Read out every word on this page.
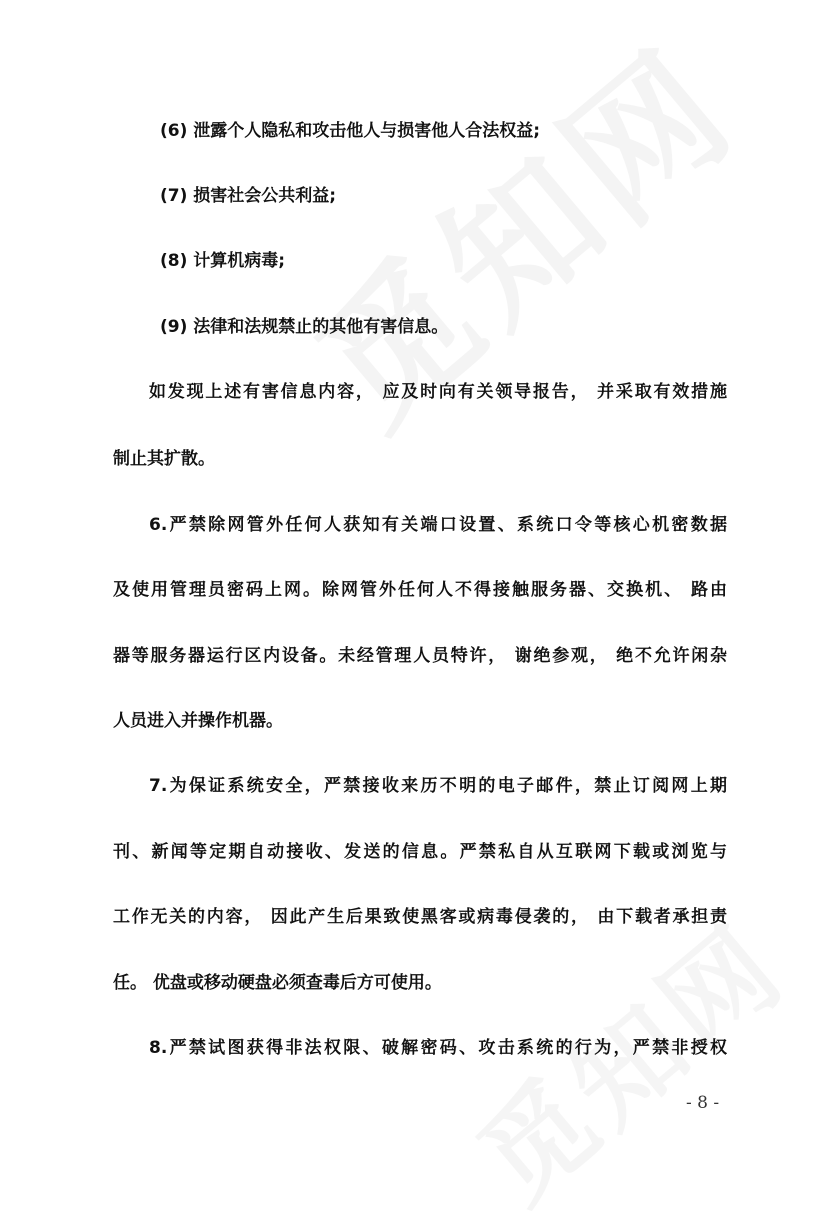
(6) 泄露个人隐私和攻击他人与损害他人合法权益;
(7) 损害社会公共利益;
(8) 计算机病毒;
(9) 法律和法规禁止的其他有害信息。
如发现上述有害信息内容， 应及时向有关领导报告， 并采取有效措施
制止其扩散。
6.严禁除网管外任何人获知有关端口设置、系统口令等核心机密数据
及使用管理员密码上网。除网管外任何人不得接触服务器、交换机、 路由
器等服务器运行区内设备。未经管理人员特许， 谢绝参观， 绝不允许闲杂
人员进入并操作机器。
7.为保证系统安全，严禁接收来历不明的电子邮件，禁止订阅网上期
刊、新闻等定期自动接收、发送的信息。严禁私自从互联网下载或浏览与
工作无关的内容， 因此产生后果致使黑客或病毒侵袭的， 由下载者承担责
任。 优盘或移动硬盘必须查毒后方可使用。
8.严禁试图获得非法权限、破解密码、攻击系统的行为，严禁非授权
- 8 -
